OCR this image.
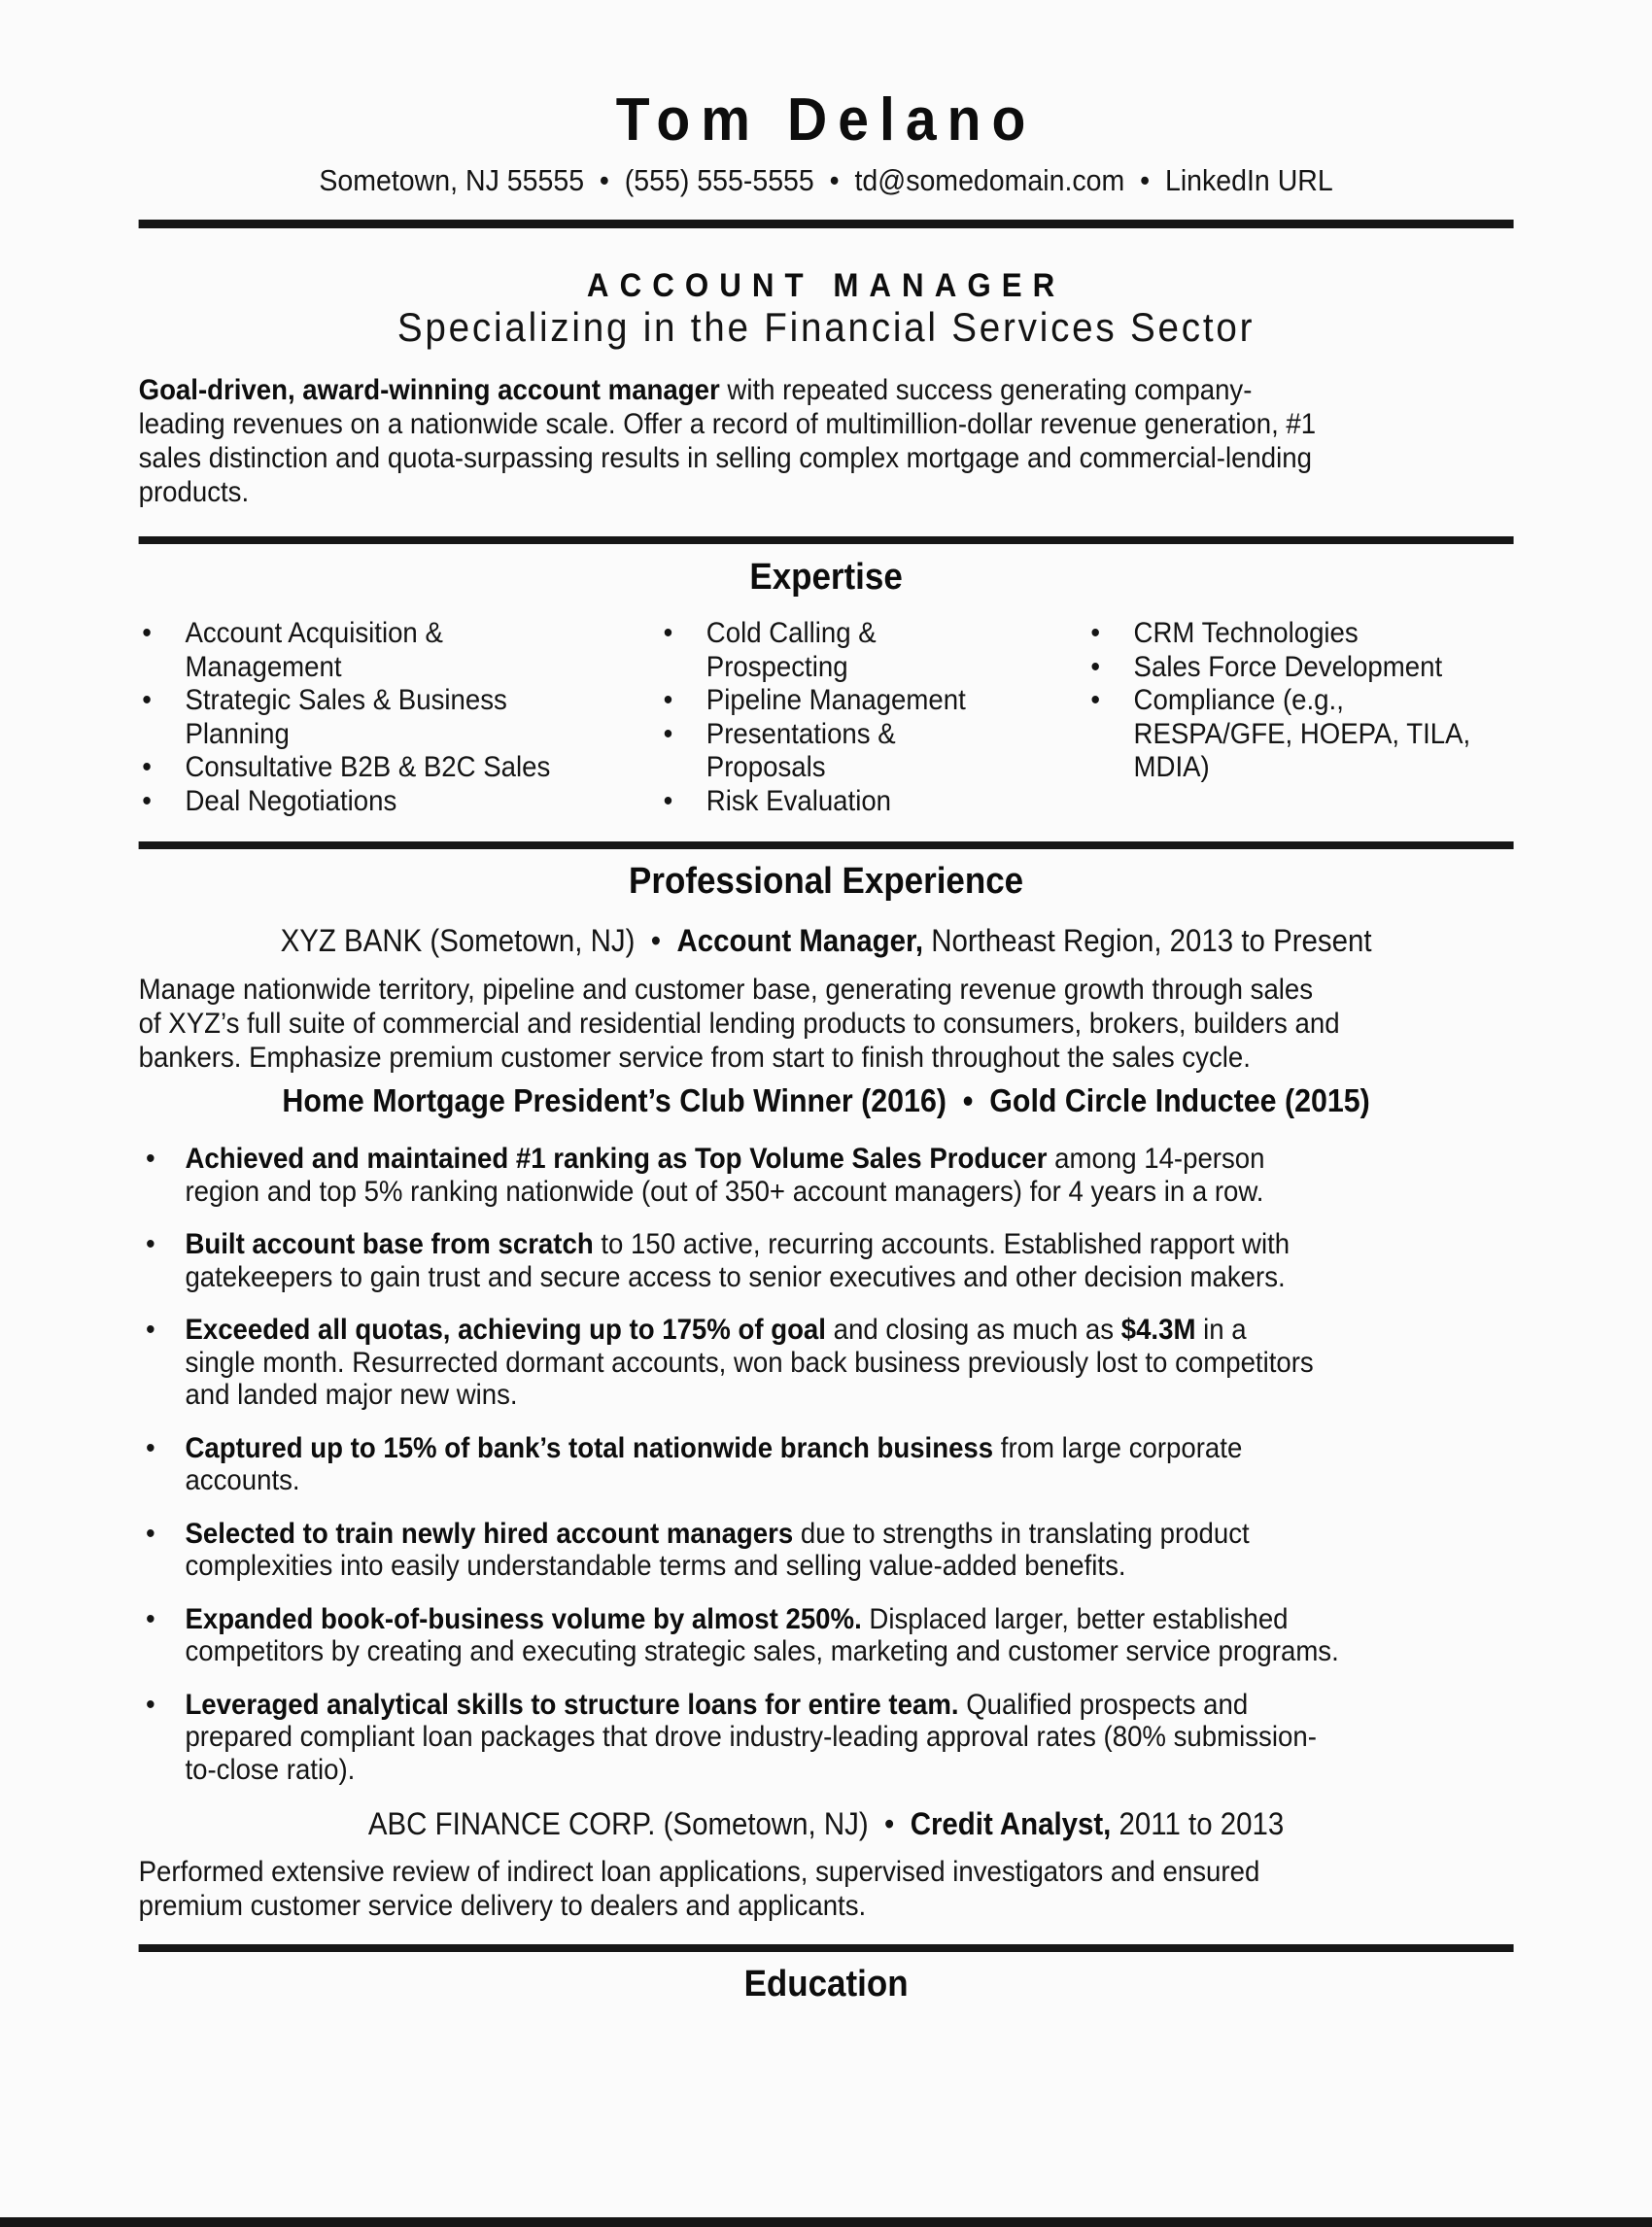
Tom Delano
Sometown, NJ 55555  •  (555) 555-5555  •  td@somedomain.com  •  LinkedIn URL
ACCOUNT MANAGER
Specializing in the Financial Services Sector
Goal-driven, award-winning account manager with repeated success generating company-
leading revenues on a nationwide scale. Offer a record of multimillion-dollar revenue generation, #1
sales distinction and quota-surpassing results in selling complex mortgage and commercial-lending
products.
Expertise
• Account Acquisition &
Management
• Strategic Sales & Business
Planning
• Consultative B2B & B2C Sales
• Deal Negotiations
• Cold Calling &
Prospecting
• Pipeline Management
• Presentations &
Proposals
• Risk Evaluation
• CRM Technologies
• Sales Force Development
• Compliance (e.g.,
RESPA/GFE, HOEPA, TILA,
MDIA)
Professional Experience
XYZ BANK (Sometown, NJ)  •  Account Manager, Northeast Region, 2013 to Present
Manage nationwide territory, pipeline and customer base, generating revenue growth through sales
of XYZ’s full suite of commercial and residential lending products to consumers, brokers, builders and
bankers. Emphasize premium customer service from start to finish throughout the sales cycle.
Home Mortgage President’s Club Winner (2016)  •  Gold Circle Inductee (2015)
• Achieved and maintained #1 ranking as Top Volume Sales Producer among 14-person
region and top 5% ranking nationwide (out of 350+ account managers) for 4 years in a row.
• Built account base from scratch to 150 active, recurring accounts. Established rapport with
gatekeepers to gain trust and secure access to senior executives and other decision makers.
• Exceeded all quotas, achieving up to 175% of goal and closing as much as $4.3M in a
single month. Resurrected dormant accounts, won back business previously lost to competitors
and landed major new wins.
• Captured up to 15% of bank’s total nationwide branch business from large corporate
accounts.
• Selected to train newly hired account managers due to strengths in translating product
complexities into easily understandable terms and selling value-added benefits.
• Expanded book-of-business volume by almost 250%. Displaced larger, better established
competitors by creating and executing strategic sales, marketing and customer service programs.
• Leveraged analytical skills to structure loans for entire team. Qualified prospects and
prepared compliant loan packages that drove industry-leading approval rates (80% submission-
to-close ratio).
ABC FINANCE CORP. (Sometown, NJ)  •  Credit Analyst, 2011 to 2013
Performed extensive review of indirect loan applications, supervised investigators and ensured
premium customer service delivery to dealers and applicants.
Education
